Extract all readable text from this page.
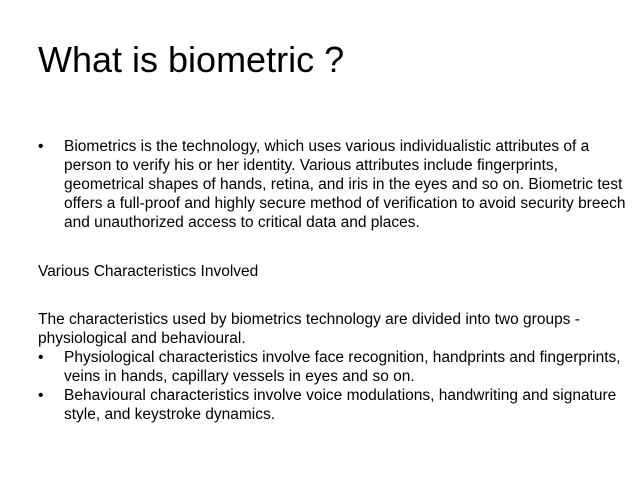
What is biometric ?

• Biometrics is the technology, which uses various individualistic attributes of a person to verify his or her identity. Various attributes include fingerprints, geometrical shapes of hands, retina, and iris in the eyes and so on. Biometric test offers a full-proof and highly secure method of verification to avoid security breech and unauthorized access to critical data and places.

Various Characteristics Involved

The characteristics used by biometrics technology are divided into two groups - physiological and behavioural.

• Physiological characteristics involve face recognition, handprints and fingerprints, veins in hands, capillary vessels in eyes and so on.

• Behavioural characteristics involve voice modulations, handwriting and signature style, and keystroke dynamics.
